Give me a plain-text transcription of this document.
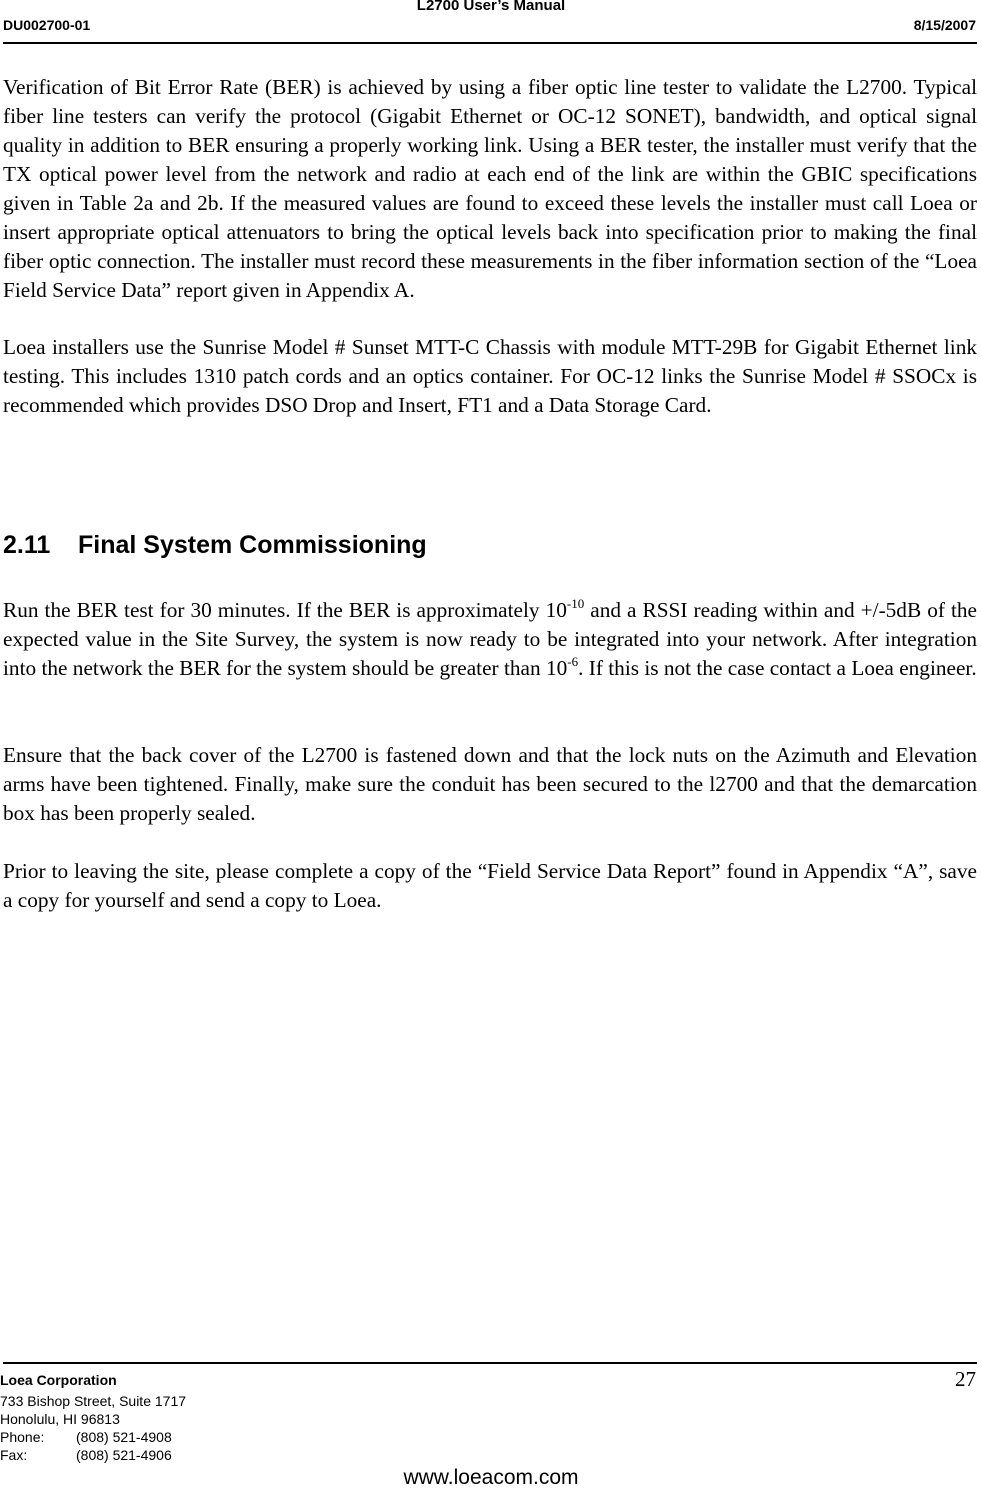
L2700 User’s Manual
DU002700-01	8/15/2007

Verification of Bit Error Rate (BER) is achieved by using a fiber optic line tester to validate the L2700. Typical fiber line testers can verify the protocol (Gigabit Ethernet or OC-12 SONET), bandwidth, and optical signal quality in addition to BER ensuring a properly working link. Using a BER tester, the installer must verify that the TX optical power level from the network and radio at each end of the link are within the GBIC specifications given in Table 2a and 2b. If the measured values are found to exceed these levels the installer must call Loea or insert appropriate optical attenuators to bring the optical levels back into specification prior to making the final fiber optic connection. The installer must record these measurements in the fiber information section of the “Loea Field Service Data” report given in Appendix A.

Loea installers use the Sunrise Model # Sunset MTT-C Chassis with module MTT-29B for Gigabit Ethernet link testing. This includes 1310 patch cords and an optics container. For OC-12 links the Sunrise Model # SSOCx is recommended which provides DSO Drop and Insert, FT1 and a Data Storage Card.

2.11 Final System Commissioning

Run the BER test for 30 minutes. If the BER is approximately $10^{-10}$ and a RSSI reading within and +/-5dB of the expected value in the Site Survey, the system is now ready to be integrated into your network. After integration into the network the BER for the system should be greater than $10^{-6}$. If this is not the case contact a Loea engineer.

Ensure that the back cover of the L2700 is fastened down and that the lock nuts on the Azimuth and Elevation arms have been tightened. Finally, make sure the conduit has been secured to the l2700 and that the demarcation box has been properly sealed.

Prior to leaving the site, please complete a copy of the “Field Service Data Report” found in Appendix “A”, save a copy for yourself and send a copy to Loea.

Loea Corporation
733 Bishop Street, Suite 1717
Honolulu, HI 96813
Phone: (808) 521-4908
Fax:	(808) 521-4906
27
www.loeacom.com
